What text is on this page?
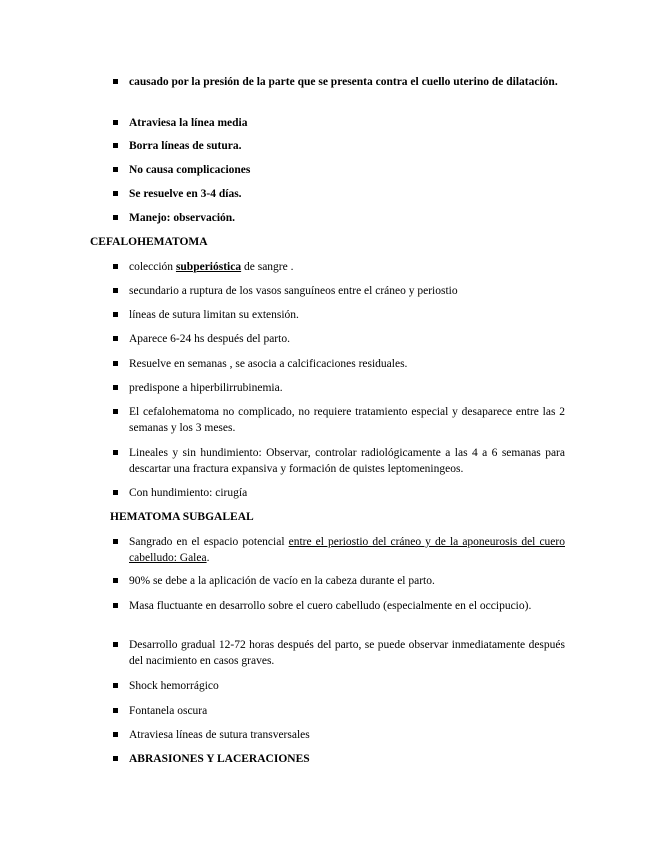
causado por la presión de la parte que se presenta contra el cuello uterino de dilatación.
Atraviesa la línea media
Borra líneas de sutura.
No causa complicaciones
Se resuelve en 3-4 días.
Manejo: observación.
CEFALOHEMATOMA
colección subperióstica de sangre .
secundario a ruptura de los vasos sanguíneos entre el cráneo y periostio
líneas de sutura limitan su extensión.
Aparece 6-24 hs después del parto.
Resuelve en semanas , se asocia a calcificaciones residuales.
predispone a hiperbilirrubinemia.
El cefalohematoma no complicado, no requiere tratamiento especial y desaparece entre las 2 semanas y los 3 meses.
Lineales y sin hundimiento: Observar, controlar radiológicamente a las 4 a 6 semanas para descartar una fractura expansiva y formación de quistes leptomeningeos.
Con hundimiento: cirugía
HEMATOMA SUBGALEAL
Sangrado en el espacio potencial entre el periostio del cráneo y de la aponeurosis del cuero cabelludo: Galea.
90% se debe a la aplicación de vacío en la cabeza durante el parto.
Masa fluctuante en desarrollo sobre el cuero cabelludo (especialmente en el occipucio).
Desarrollo gradual 12-72 horas después del parto, se puede observar inmediatamente después del nacimiento en casos graves.
Shock hemorrágico
Fontanela oscura
Atraviesa líneas de sutura transversales
ABRASIONES Y LACERACIONES
